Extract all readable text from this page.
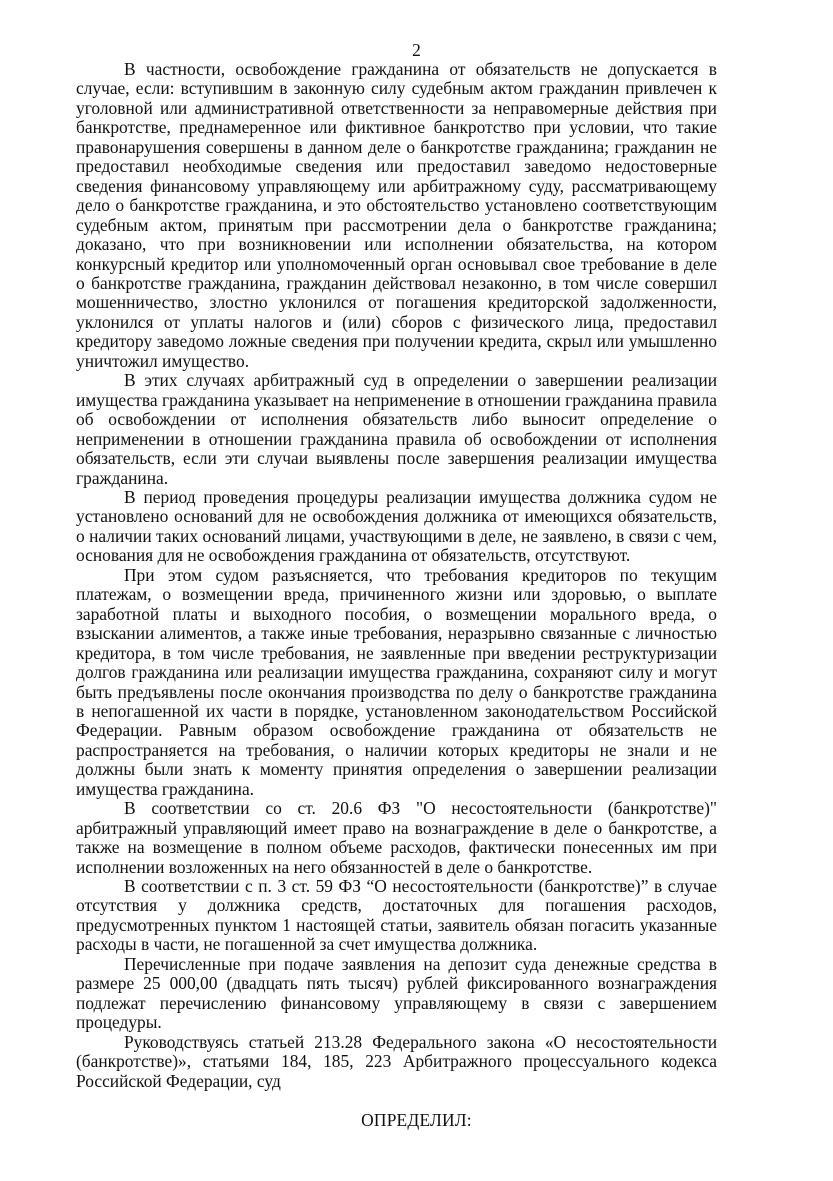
2

В частности, освобождение гражданина от обязательств не допускается в случае, если: вступившим в законную силу судебным актом гражданин привлечен к уголовной или административной ответственности за неправомерные действия при банкротстве, преднамеренное или фиктивное банкротство при условии, что такие правонарушения совершены в данном деле о банкротстве гражданина; гражданин не предоставил необходимые сведения или предоставил заведомо недостоверные сведения финансовому управляющему или арбитражному суду, рассматривающему дело о банкротстве гражданина, и это обстоятельство установлено соответствующим судебным актом, принятым при рассмотрении дела о банкротстве гражданина; доказано, что при возникновении или исполнении обязательства, на котором конкурсный кредитор или уполномоченный орган основывал свое требование в деле о банкротстве гражданина, гражданин действовал незаконно, в том числе совершил мошенничество, злостно уклонился от погашения кредиторской задолженности, уклонился от уплаты налогов и (или) сборов с физического лица, предоставил кредитору заведомо ложные сведения при получении кредита, скрыл или умышленно уничтожил имущество.

В этих случаях арбитражный суд в определении о завершении реализации имущества гражданина указывает на неприменение в отношении гражданина правила об освобождении от исполнения обязательств либо выносит определение о неприменении в отношении гражданина правила об освобождении от исполнения обязательств, если эти случаи выявлены после завершения реализации имущества гражданина.

В период проведения процедуры реализации имущества должника судом не установлено оснований для не освобождения должника от имеющихся обязательств, о наличии таких оснований лицами, участвующими в деле, не заявлено, в связи с чем, основания для не освобождения гражданина от обязательств, отсутствуют.

При этом судом разъясняется, что требования кредиторов по текущим платежам, о возмещении вреда, причиненного жизни или здоровью, о выплате заработной платы и выходного пособия, о возмещении морального вреда, о взыскании алиментов, а также иные требования, неразрывно связанные с личностью кредитора, в том числе требования, не заявленные при введении реструктуризации долгов гражданина или реализации имущества гражданина, сохраняют силу и могут быть предъявлены после окончания производства по делу о банкротстве гражданина в непогашенной их части в порядке, установленном законодательством Российской Федерации. Равным образом освобождение гражданина от обязательств не распространяется на требования, о наличии которых кредиторы не знали и не должны были знать к моменту принятия определения о завершении реализации имущества гражданина.

В соответствии со ст. 20.6 ФЗ "О несостоятельности (банкротстве)" арбитражный управляющий имеет право на вознаграждение в деле о банкротстве, а также на возмещение в полном объеме расходов, фактически понесенных им при исполнении возложенных на него обязанностей в деле о банкротстве.

В соответствии с п. 3 ст. 59 ФЗ “О несостоятельности (банкротстве)” в случае отсутствия у должника средств, достаточных для погашения расходов, предусмотренных пунктом 1 настоящей статьи, заявитель обязан погасить указанные расходы в части, не погашенной за счет имущества должника.

Перечисленные при подаче заявления на депозит суда денежные средства в размере 25 000,00 (двадцать пять тысяч) рублей фиксированного вознаграждения подлежат перечислению финансовому управляющему в связи с завершением процедуры.

Руководствуясь статьей 213.28 Федерального закона «О несостоятельности (банкротстве)», статьями 184, 185, 223 Арбитражного процессуального кодекса Российской Федерации, суд

ОПРЕДЕЛИЛ:
